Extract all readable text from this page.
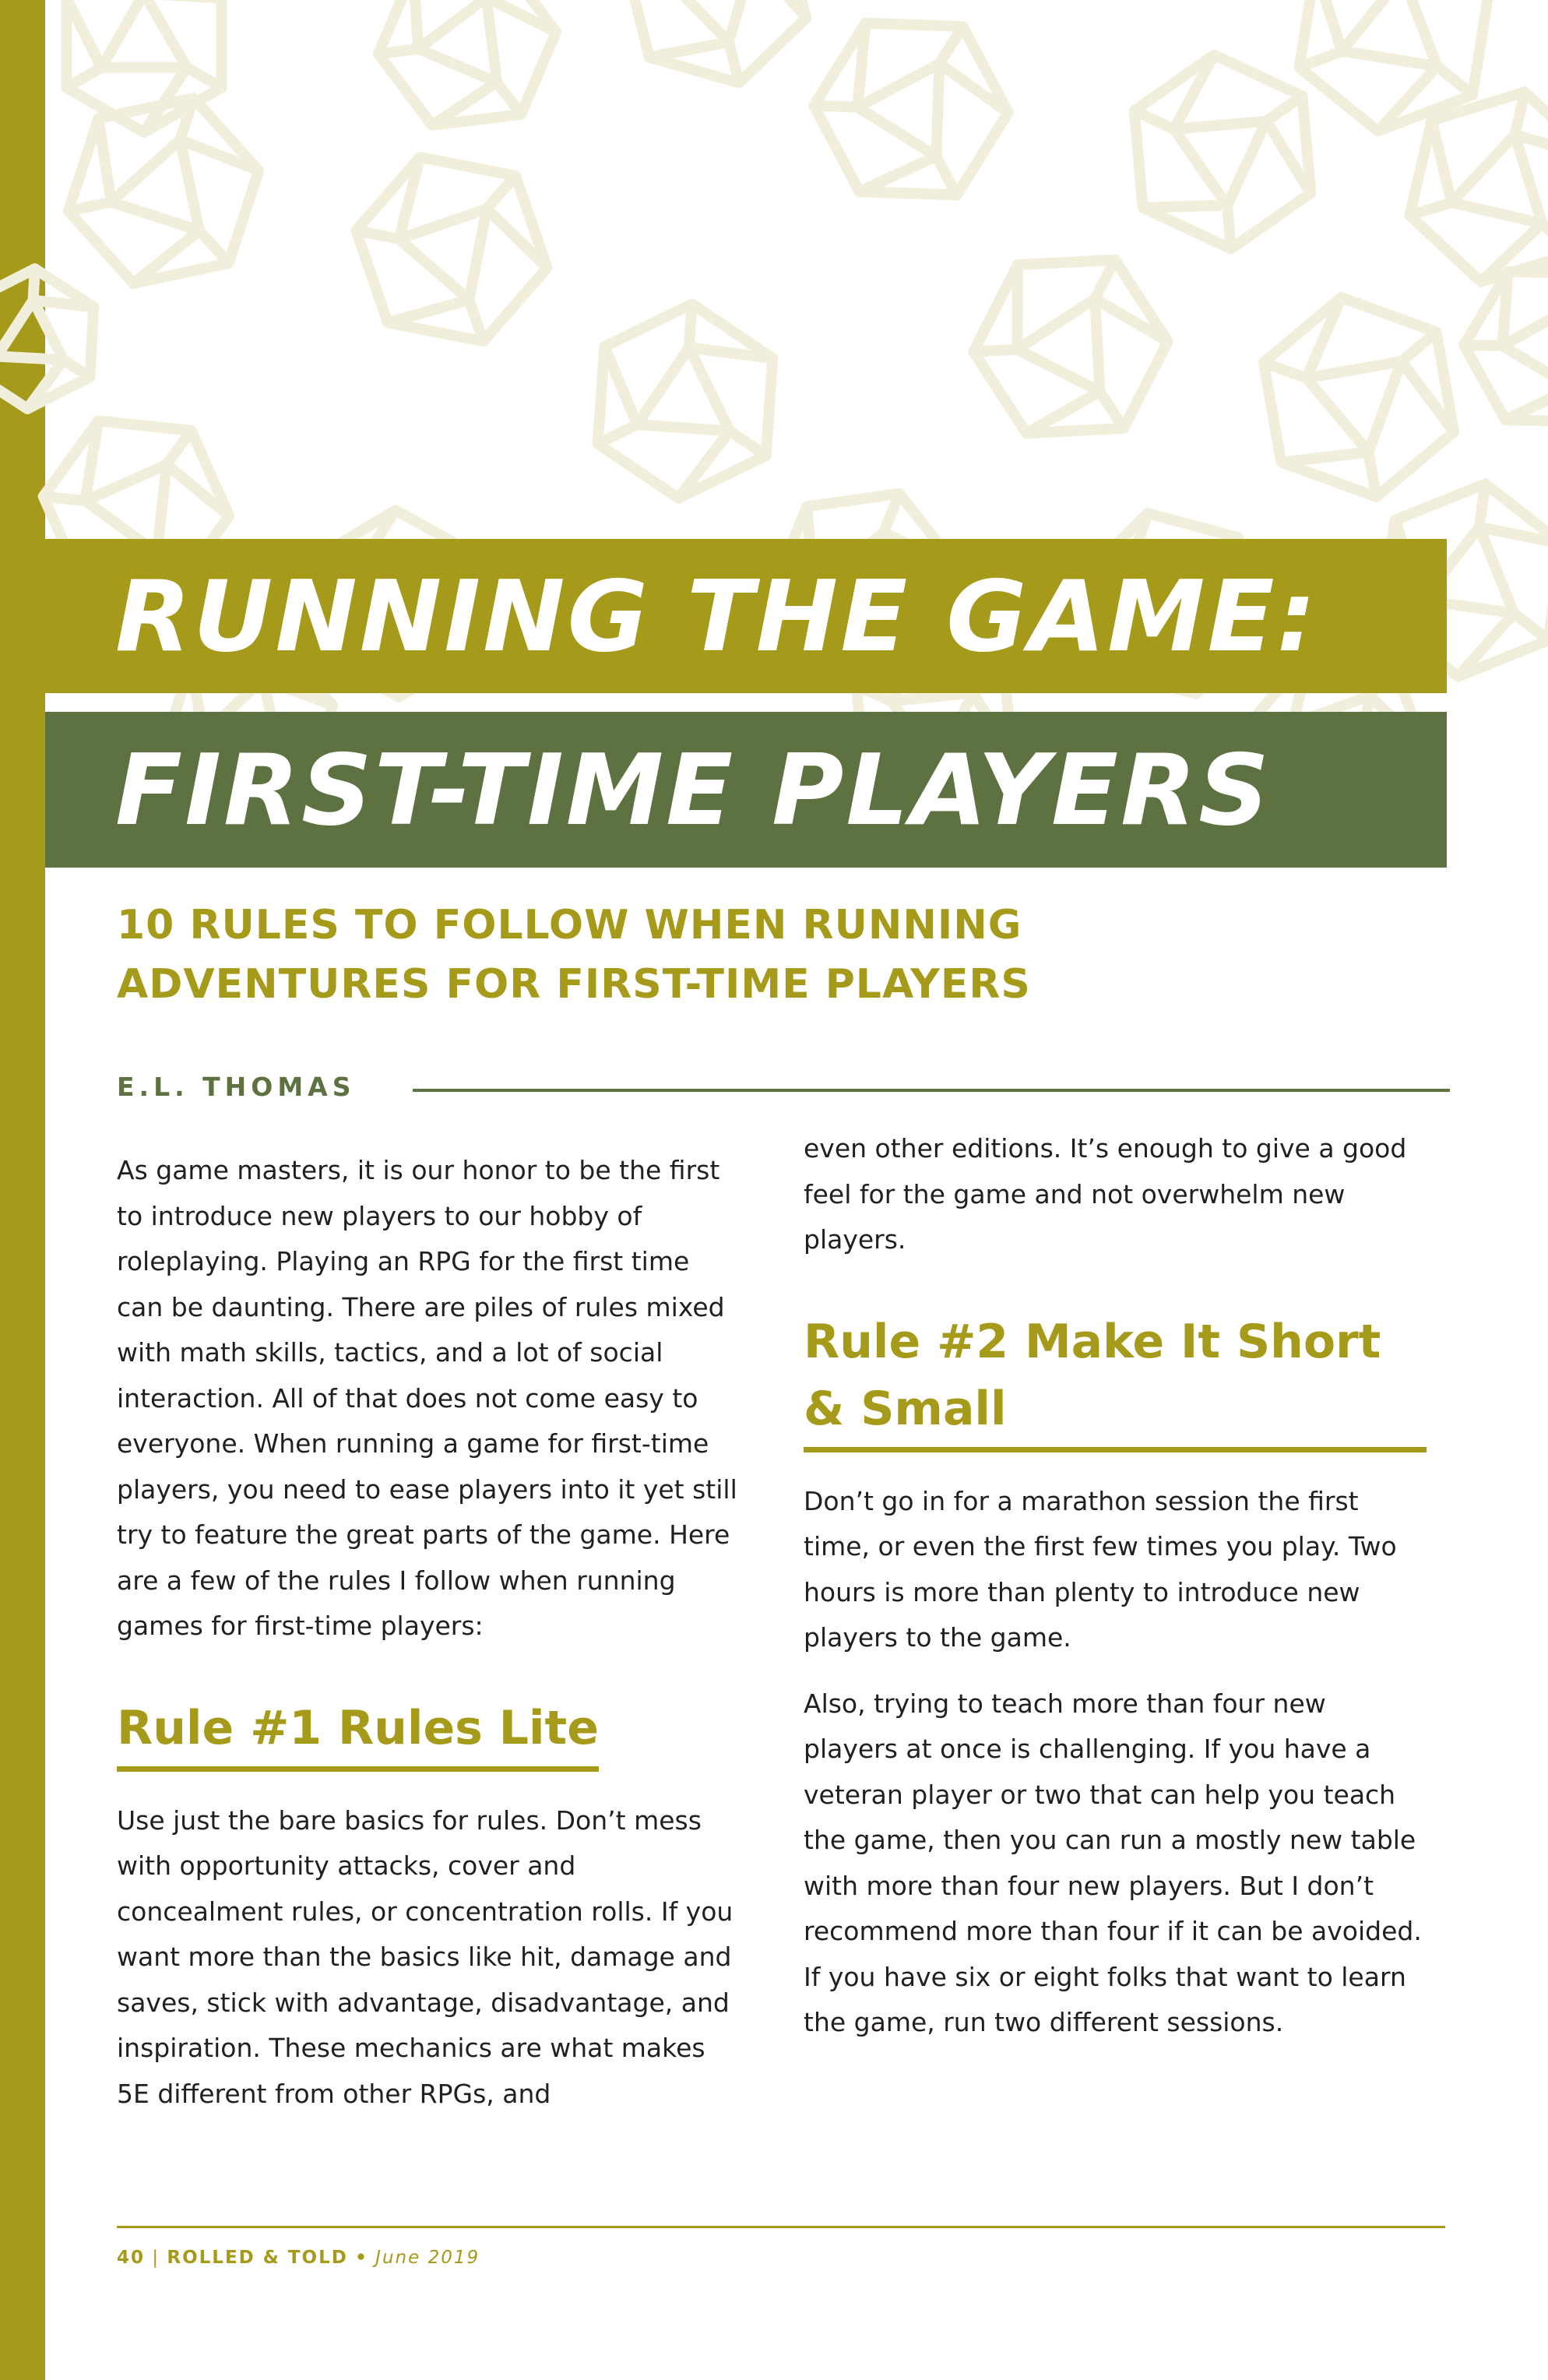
RUNNING THE GAME:
FIRST-TIME PLAYERS
10 RULES TO FOLLOW WHEN RUNNING
ADVENTURES FOR FIRST-TIME PLAYERS
E.L. THOMAS

As game masters, it is our honor to be the first to introduce new players to our hobby of roleplaying. Playing an RPG for the first time can be daunting. There are piles of rules mixed with math skills, tactics, and a lot of social interaction. All of that does not come easy to everyone. When running a game for first-time players, you need to ease players into it yet still try to feature the great parts of the game. Here are a few of the rules I follow when running games for first-time players:

Rule #1 Rules Lite

Use just the bare basics for rules. Don’t mess with opportunity attacks, cover and concealment rules, or concentration rolls. If you want more than the basics like hit, damage and saves, stick with advantage, disadvantage, and inspiration. These mechanics are what makes 5E different from other RPGs, and

even other editions. It’s enough to give a good feel for the game and not overwhelm new players.

Rule #2 Make It Short & Small

Don’t go in for a marathon session the first time, or even the first few times you play. Two hours is more than plenty to introduce new players to the game.

Also, trying to teach more than four new players at once is challenging. If you have a veteran player or two that can help you teach the game, then you can run a mostly new table with more than four new players. But I don’t recommend more than four if it can be avoided. If you have six or eight folks that want to learn the game, run two different sessions.

40 | ROLLED & TOLD • June 2019
